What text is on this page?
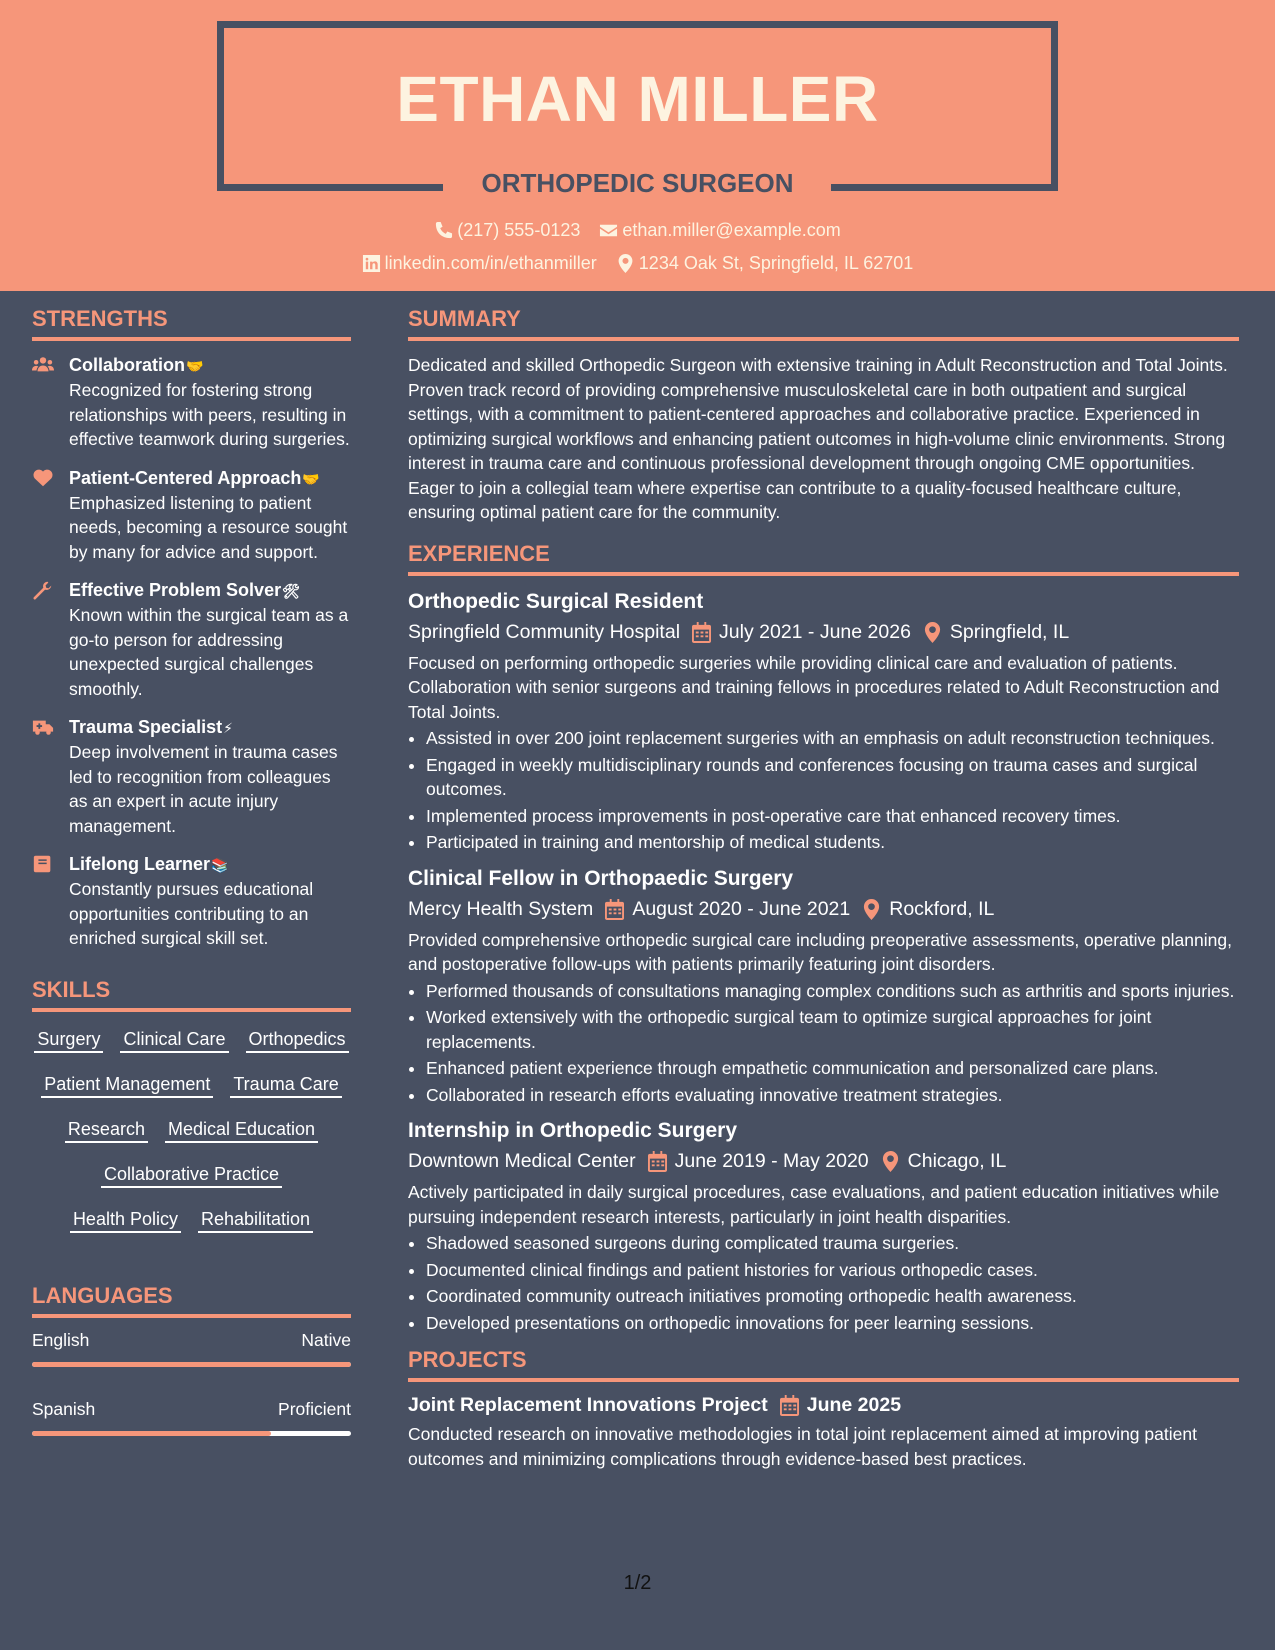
ETHAN MILLER
ORTHOPEDIC SURGEON
(217) 555-0123
ethan.miller@example.com
linkedin.com/in/ethanmiller
1234 Oak St, Springfield, IL 62701
STRENGTHS
Collaboration🤝
Recognized for fostering strong relationships with peers, resulting in effective teamwork during surgeries.
Patient-Centered Approach🤝
Emphasized listening to patient needs, becoming a resource sought by many for advice and support.
Effective Problem Solver🛠
Known within the surgical team as a go-to person for addressing unexpected surgical challenges smoothly.
Trauma Specialist⚡
Deep involvement in trauma cases led to recognition from colleagues as an expert in acute injury management.
Lifelong Learner📚
Constantly pursues educational opportunities contributing to an enriched surgical skill set.
SKILLS
Surgery Clinical Care Orthopedics
Patient Management Trauma Care
Research Medical Education
Collaborative Practice
Health Policy Rehabilitation
LANGUAGES
English	Native
Spanish	Proficient
SUMMARY
Dedicated and skilled Orthopedic Surgeon with extensive training in Adult Reconstruction and Total Joints. Proven track record of providing comprehensive musculoskeletal care in both outpatient and surgical settings, with a commitment to patient-centered approaches and collaborative practice. Experienced in optimizing surgical workflows and enhancing patient outcomes in high-volume clinic environments. Strong interest in trauma care and continuous professional development through ongoing CME opportunities. Eager to join a collegial team where expertise can contribute to a quality-focused healthcare culture, ensuring optimal patient care for the community.
EXPERIENCE
Orthopedic Surgical Resident
Springfield Community Hospital July 2021 - June 2026 Springfield, IL
Focused on performing orthopedic surgeries while providing clinical care and evaluation of patients. Collaboration with senior surgeons and training fellows in procedures related to Adult Reconstruction and Total Joints.
• Assisted in over 200 joint replacement surgeries with an emphasis on adult reconstruction techniques.
• Engaged in weekly multidisciplinary rounds and conferences focusing on trauma cases and surgical outcomes.
• Implemented process improvements in post-operative care that enhanced recovery times.
• Participated in training and mentorship of medical students.
Clinical Fellow in Orthopaedic Surgery
Mercy Health System August 2020 - June 2021 Rockford, IL
Provided comprehensive orthopedic surgical care including preoperative assessments, operative planning, and postoperative follow-ups with patients primarily featuring joint disorders.
• Performed thousands of consultations managing complex conditions such as arthritis and sports injuries.
• Worked extensively with the orthopedic surgical team to optimize surgical approaches for joint replacements.
• Enhanced patient experience through empathetic communication and personalized care plans.
• Collaborated in research efforts evaluating innovative treatment strategies.
Internship in Orthopedic Surgery
Downtown Medical Center June 2019 - May 2020 Chicago, IL
Actively participated in daily surgical procedures, case evaluations, and patient education initiatives while pursuing independent research interests, particularly in joint health disparities.
• Shadowed seasoned surgeons during complicated trauma surgeries.
• Documented clinical findings and patient histories for various orthopedic cases.
• Coordinated community outreach initiatives promoting orthopedic health awareness.
• Developed presentations on orthopedic innovations for peer learning sessions.
PROJECTS
Joint Replacement Innovations Project June 2025
Conducted research on innovative methodologies in total joint replacement aimed at improving patient outcomes and minimizing complications through evidence-based best practices.
1/2
